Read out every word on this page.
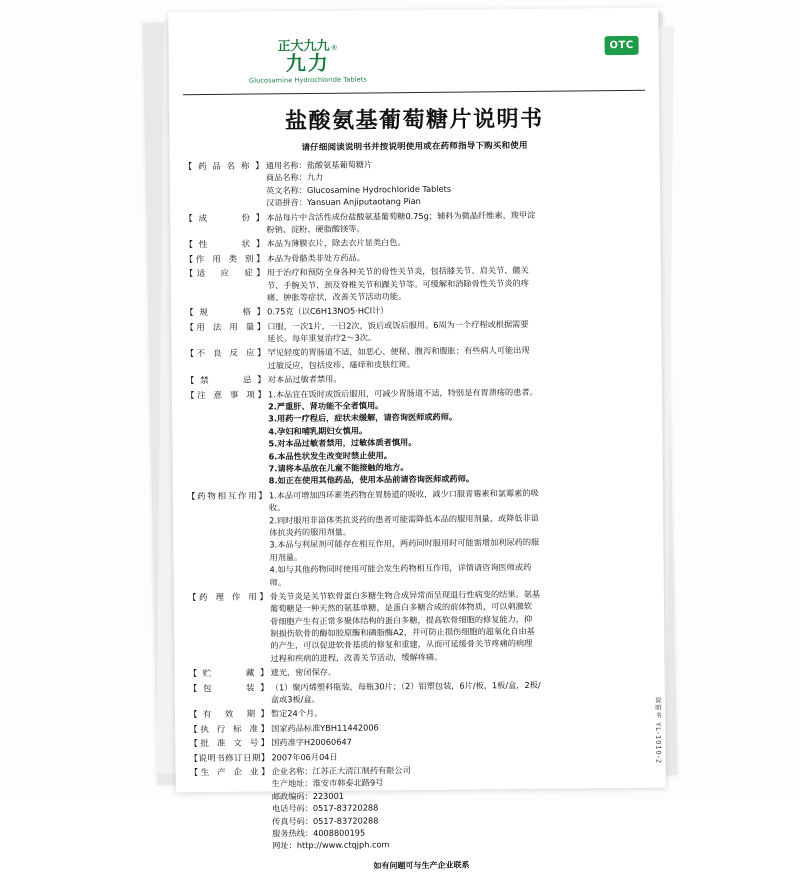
正大九九 ®
九力
Glucosamine Hydrochloride Tablets
OTC
盐酸氨基葡萄糖片说明书
请仔细阅读说明书并按说明使用或在药师指导下购买和使用
【药品名称】 通用名称：盐酸氨基葡萄糖片
商品名称：九力
英文名称：Glucosamine Hydrochloride Tablets
汉语拼音：Yansuan Anjiputaotang Pian
【成　　份】 本品每片中含活性成份盐酸氨基葡萄糖0.75g；辅料为微晶纤维素、羧甲淀
粉钠、淀粉、硬脂酸镁等。
【性　　状】 本品为薄膜衣片，除去衣片显类白色。
【作 用 类 别】 本品为骨骼类非处方药品。
【适　应　症】 用于治疗和预防全身各种关节的骨性关节炎，包括膝关节、肩关节、髋关
节、手腕关节、颈及脊椎关节和踝关节等。可缓解和消除骨性关节炎的疼
痛、肿胀等症状，改善关节活动功能。
【规　　格】 0.75克（以C6H13NO5·HCl计）
【用 法 用 量】 口服，一次1片，一日2次，饭后或饭后服用。6周为一个疗程或根据需要
延长。每年重复治疗2～3次。
【不 良 反 应】 罕见轻度的胃肠道不适，如恶心、便秘、腹泻和腹胀；有些病人可能出现
过敏反应，包括皮疹、瘙痒和皮肤红斑。
【禁　　忌】 对本品过敏者禁用。
【注 意 事 项】 1.本品宜在饭时或饭后服用，可减少胃肠道不适，特别是有胃溃疡的患者。
2.严重肝、肾功能不全者慎用。
3.用药一疗程后，症状未缓解，请咨询医师或药师。
4.孕妇和哺乳期妇女慎用。
5.对本品过敏者禁用，过敏体质者慎用。
6.本品性状发生改变时禁止使用。
7.请将本品放在儿童不能接触的地方。
8.如正在使用其他药品，使用本品前请咨询医师或药师。
【药物相互作用】 1.本品可增加四环素类药物在胃肠道的吸收，减少口服青霉素和氯霉素的吸
收。
2.同时服用非甾体类抗炎药的患者可能需降低本品的服用剂量，或降低非甾
体抗炎药的服用剂量。
3.本品与利尿剂可能存在相互作用，两药同时服用时可能需增加利尿药的服
用剂量。
4.如与其他药物同时使用可能会发生药物相互作用，详情请咨询医师或药
师。
【药 理 作 用】 骨关节炎是关节软骨蛋白多糖生物合成异常而呈现退行性病变的结果。氨基
葡萄糖是一种天然的氨基单糖，是蛋白多糖合成的前体物质，可以刺激软
骨细胞产生有正常多聚体结构的蛋白多糖，提高软骨细胞的修复能力，抑
制损伤软骨的酶如胶原酶和磷脂酶A2，并可防止损伤细胞的超氧化自由基
的产生，可以促进软骨基质的修复和重建，从而可延缓骨关节疼痛的病理
过程和疾病的进程，改善关节活动，缓解疼痛。
【贮　　藏】 遮光，密闭保存。
【包　　装】 （1）聚丙烯塑料瓶装，每瓶30片；（2）铝塑包装，6片/板，1板/盒，2板/
盒或3板/盒。
【有 效 期】 暂定24个月。
【执 行 标 准】 国家药品标准YBH11442006
【批 准 文 号】 国药准字H20060647
【说明书修订日期】 2007年06月04日
【生 产 企 业】 企业名称：江苏正大清江制药有限公司
生产地址：淮安市韩泰北路9号
邮政编码：223001
电话号码：0517-83720288
传真号码：0517-83720288
服务热线：4008800195
网址：http://www.ctqjph.com
如有问题可与生产企业联系
说明书 YL-1010-2
